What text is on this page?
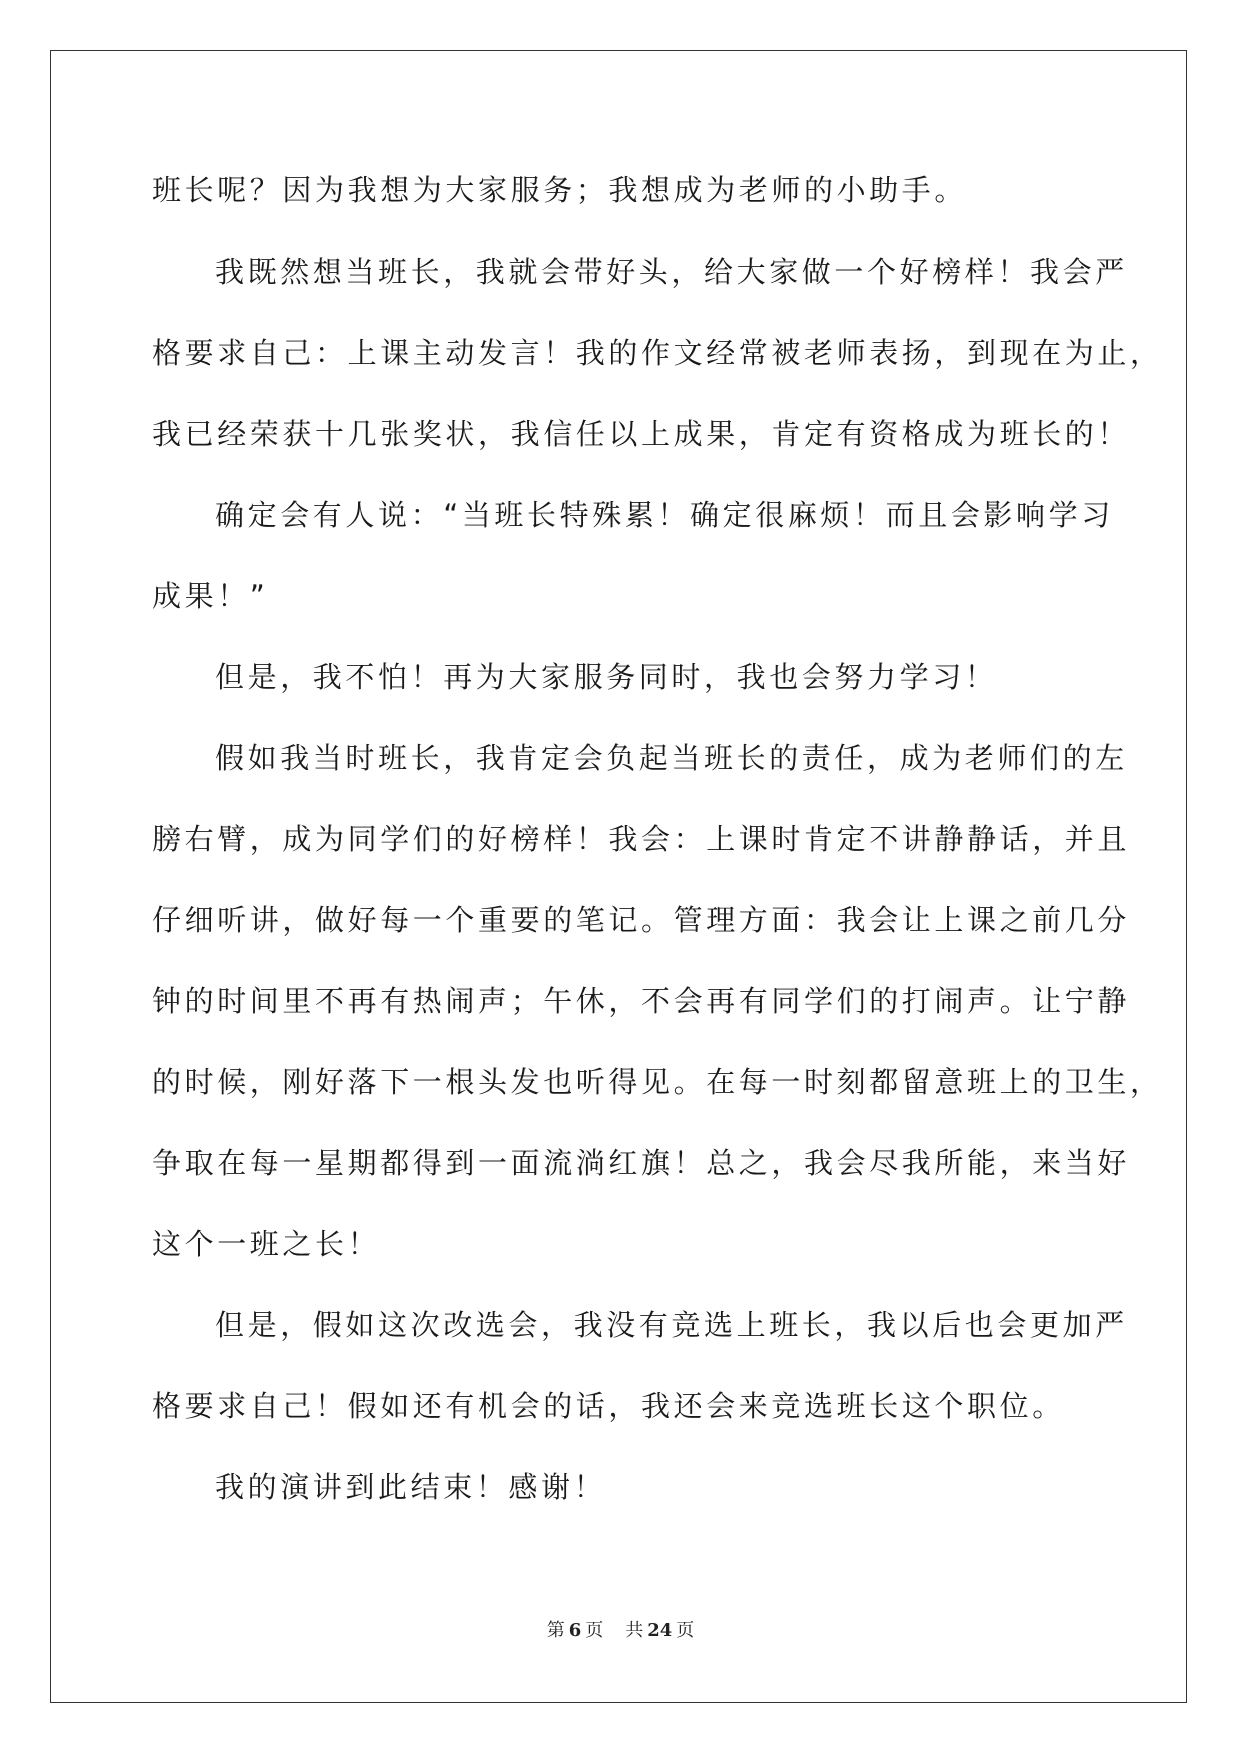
班长呢？因为我想为大家服务；我想成为老师的小助手。
我既然想当班长，我就会带好头，给大家做一个好榜样！我会严
格要求自己：上课主动发言！我的作文经常被老师表扬，到现在为止，
我已经荣获十几张奖状，我信任以上成果，肯定有资格成为班长的！
确定会有人说：“当班长特殊累！确定很麻烦！而且会影响学习
成果！”
但是，我不怕！再为大家服务同时，我也会努力学习！
假如我当时班长，我肯定会负起当班长的责任，成为老师们的左
膀右臂，成为同学们的好榜样！我会：上课时肯定不讲静静话，并且
仔细听讲，做好每一个重要的笔记。管理方面：我会让上课之前几分
钟的时间里不再有热闹声；午休，不会再有同学们的打闹声。让宁静
的时候，刚好落下一根头发也听得见。在每一时刻都留意班上的卫生，
争取在每一星期都得到一面流淌红旗！总之，我会尽我所能，来当好
这个一班之长！
但是，假如这次改选会，我没有竞选上班长，我以后也会更加严
格要求自己！假如还有机会的话，我还会来竞选班长这个职位。
我的演讲到此结束！感谢！
第 6 页 共 24 页
